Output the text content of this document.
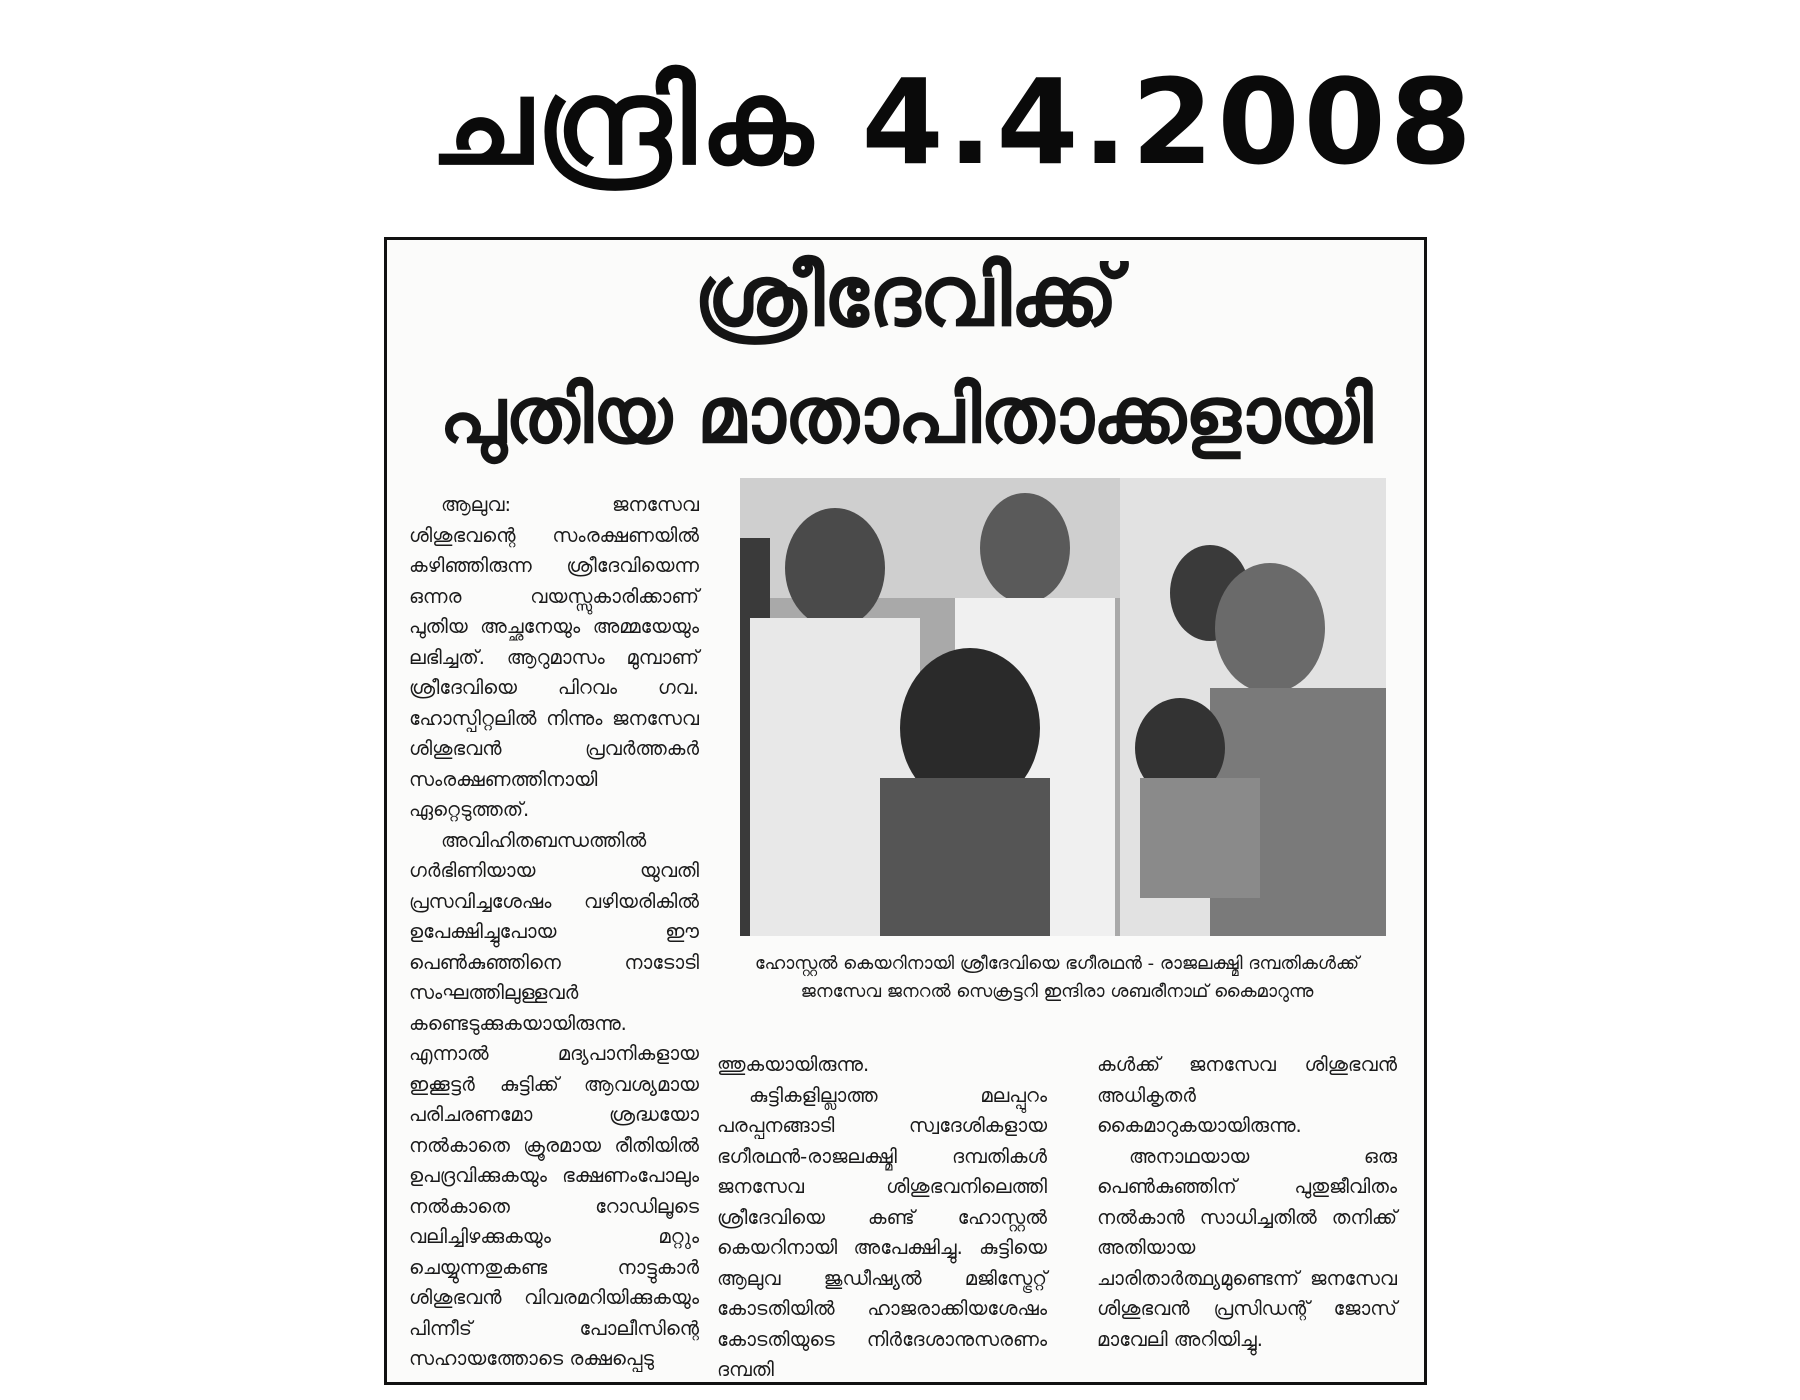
ചന്ദ്രിക 4.4.2008
ശ്രീദേവിക്ക്
പുതിയ മാതാപിതാക്കളായി

ആലുവ: ജനസേവ ശിശുഭവന്റെ സംരക്ഷണയിൽ കഴിഞ്ഞിരുന്ന ശ്രീദേവിയെന്ന ഒന്നര വയസ്സുകാരിക്കാണ് പുതിയ അച്ഛനേയും അമ്മയേയും ലഭിച്ചത്. ആറുമാസം മുമ്പാണ് ശ്രീദേവിയെ പിറവം ഗവ. ഹോസ്പിറ്റലിൽ നിന്നും ജനസേവ ശിശുഭവൻ പ്രവർത്തകർ സംരക്ഷണത്തിനായി ഏറ്റെടുത്തത്.

അവിഹിതബന്ധത്തിൽ ഗർഭിണിയായ യുവതി പ്രസവിച്ചശേഷം വഴിയരികിൽ ഉപേക്ഷിച്ചുപോയ ഈ പെൺകുഞ്ഞിനെ നാടോടി സംഘത്തിലുള്ളവർ കണ്ടെടുക്കുകയായിരുന്നു. എന്നാൽ മദ്യപാനികളായ ഇക്കൂട്ടർ കുട്ടിക്ക് ആവശ്യമായ പരിചരണമോ ശ്രദ്ധയോ നൽകാതെ ക്രൂരമായ രീതിയിൽ ഉപദ്രവിക്കുകയും ഭക്ഷണംപോലും നൽകാതെ റോഡിലൂടെ വലിച്ചിഴക്കുകയും മറ്റും ചെയ്യുന്നതുകണ്ട നാട്ടുകാർ ശിശുഭവൻ വിവരമറിയിക്കുകയും പിന്നീട് പോലീസിന്റെ സഹായത്തോടെ രക്ഷപ്പെടു

ഹോസ്റ്റൽ കെയറിനായി ശ്രീദേവിയെ ഭഗീരഥൻ - രാജലക്ഷ്മി ദമ്പതികൾക്ക് ജനസേവ ജനറൽ സെക്രട്ടറി ഇന്ദിരാ ശബരീനാഥ് കൈമാറുന്നു

ത്തുകയായിരുന്നു.

കുട്ടികളില്ലാത്ത മലപ്പുറം പരപ്പനങ്ങാടി സ്വദേശികളായ ഭഗീരഥൻ-രാജലക്ഷ്മി ദമ്പതികൾ ജനസേവ ശിശുഭവനിലെത്തി ശ്രീദേവിയെ കണ്ട് ഹോസ്റ്റൽ കെയറിനായി അപേക്ഷിച്ചു. കുട്ടിയെ ആലുവ ജുഡീഷ്യൽ മജിസ്ട്രേറ്റ് കോടതിയിൽ ഹാജരാക്കിയശേഷം കോടതിയുടെ നിർദേശാനുസരണം ദമ്പതി

കൾക്ക് ജനസേവ ശിശുഭവൻ അധികൃതർ കൈമാറുകയായിരുന്നു.

അനാഥയായ ഒരു പെൺകുഞ്ഞിന് പുതുജീവിതം നൽകാൻ സാധിച്ചതിൽ തനിക്ക് അതിയായ ചാരിതാർത്ഥ്യമുണ്ടെന്ന് ജനസേവ ശിശുഭവൻ പ്രസിഡന്റ് ജോസ് മാവേലി അറിയിച്ചു.
